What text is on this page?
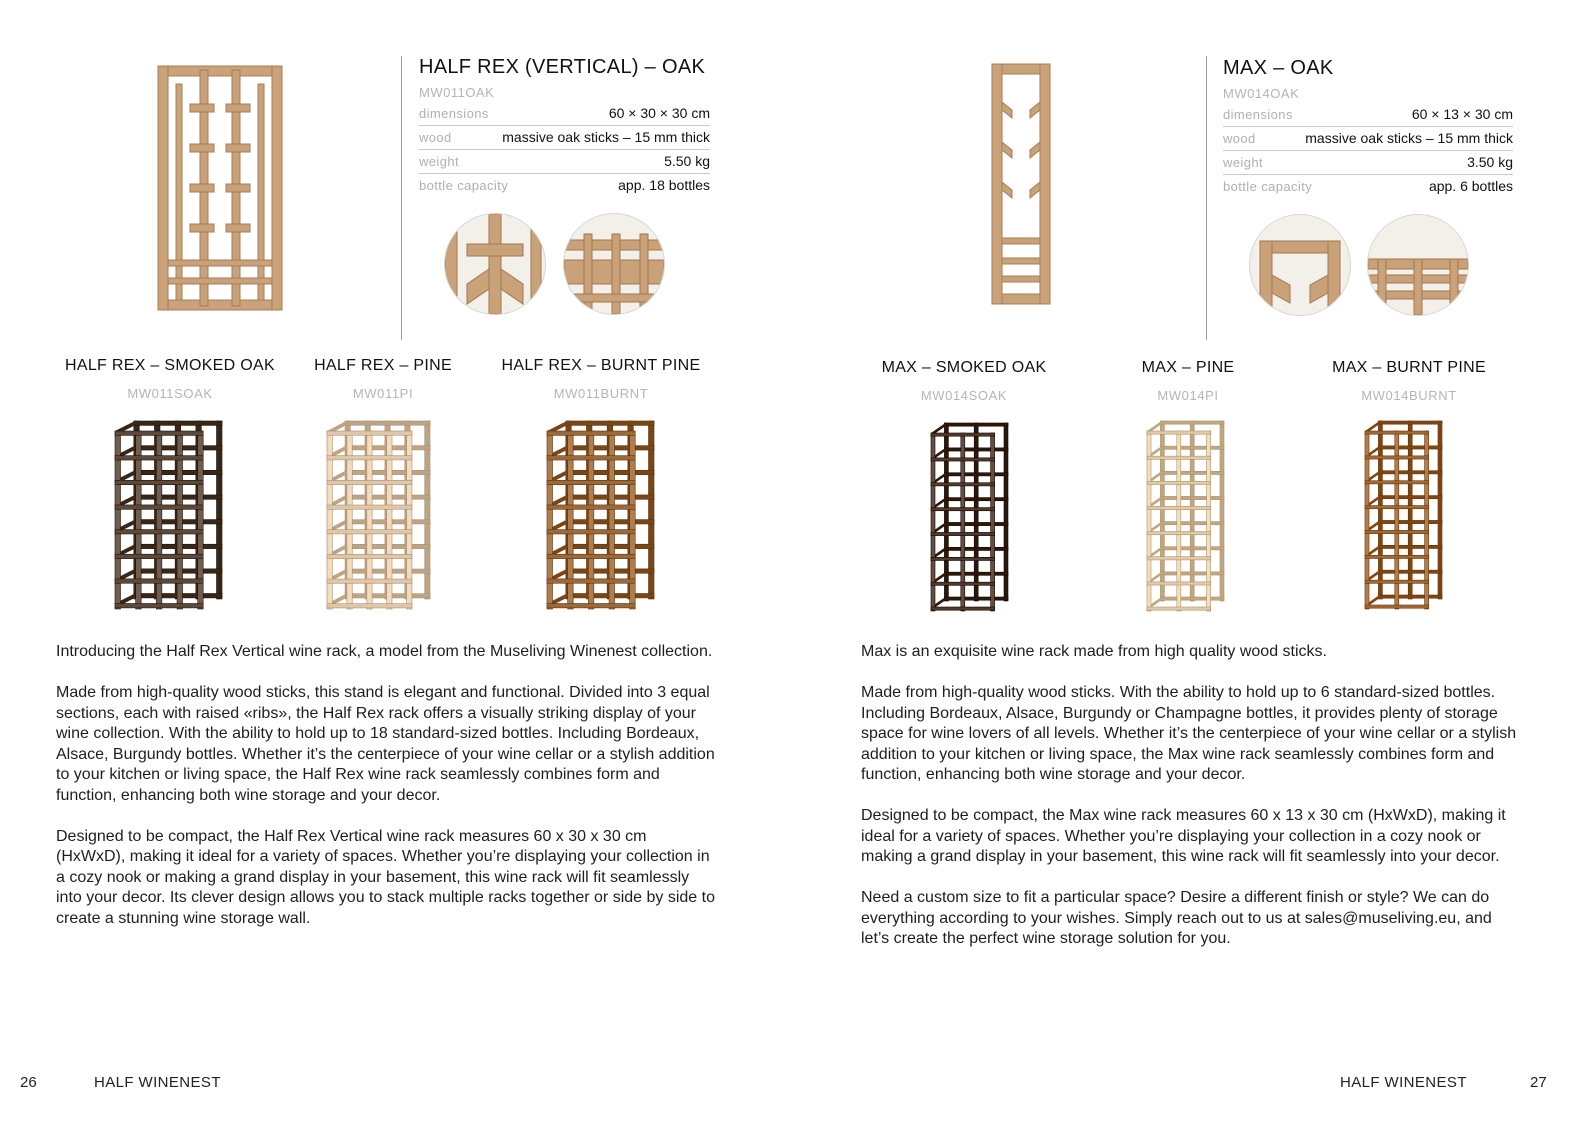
HALF REX (VERTICAL) – OAK
MW011OAK
dimensions	60 × 30 × 30 cm
wood	massive oak sticks – 15 mm thick
weight	5.50 kg
bottle capacity	app. 18 bottles
HALF REX – SMOKED OAK
MW011SOAK
HALF REX – PINE
MW011PI
HALF REX – BURNT PINE
MW011BURNT

Introducing the Half Rex Vertical wine rack, a model from the Museliving Winenest collection.

Made from high-quality wood sticks, this stand is elegant and functional. Divided into 3 equal sections, each with raised «ribs», the Half Rex rack offers a visually striking display of your wine collection. With the ability to hold up to 18 standard-sized bottles. Including Bordeaux, Alsace, Burgundy bottles. Whether it’s the centerpiece of your wine cellar or a stylish addition to your kitchen or living space, the Half Rex wine rack seamlessly combines form and function, enhancing both wine storage and your decor.

Designed to be compact, the Half Rex Vertical wine rack measures 60 x 30 x 30 cm (HxWxD), making it ideal for a variety of spaces. Whether you’re displaying your collection in a cozy nook or making a grand display in your basement, this wine rack will fit seamlessly into your decor. Its clever design allows you to stack multiple racks together or side by side to create a stunning wine storage wall.

26	HALF WINENEST
MAX – OAK
MW014OAK
dimensions	60 × 13 × 30 cm
wood	massive oak sticks – 15 mm thick
weight	3.50 kg
bottle capacity	app. 6 bottles
MAX – SMOKED OAK
MW014SOAK
MAX – PINE
MW014PI
MAX – BURNT PINE
MW014BURNT

Max is an exquisite wine rack made from high quality wood sticks.

Made from high-quality wood sticks. With the ability to hold up to 6 standard-sized bottles. Including Bordeaux, Alsace, Burgundy or Champagne bottles, it provides plenty of storage space for wine lovers of all levels. Whether it’s the centerpiece of your wine cellar or a stylish addition to your kitchen or living space, the Max wine rack seamlessly combines form and function, enhancing both wine storage and your decor.

Designed to be compact, the Max wine rack measures 60 x 13 x 30 cm (HxWxD), making it ideal for a variety of spaces. Whether you’re displaying your collection in a cozy nook or making a grand display in your basement, this wine rack will fit seamlessly into your decor.

Need a custom size to fit a particular space? Desire a different finish or style? We can do everything according to your wishes. Simply reach out to us at sales@museliving.eu, and let’s create the perfect wine storage solution for you.

HALF WINENEST	27
